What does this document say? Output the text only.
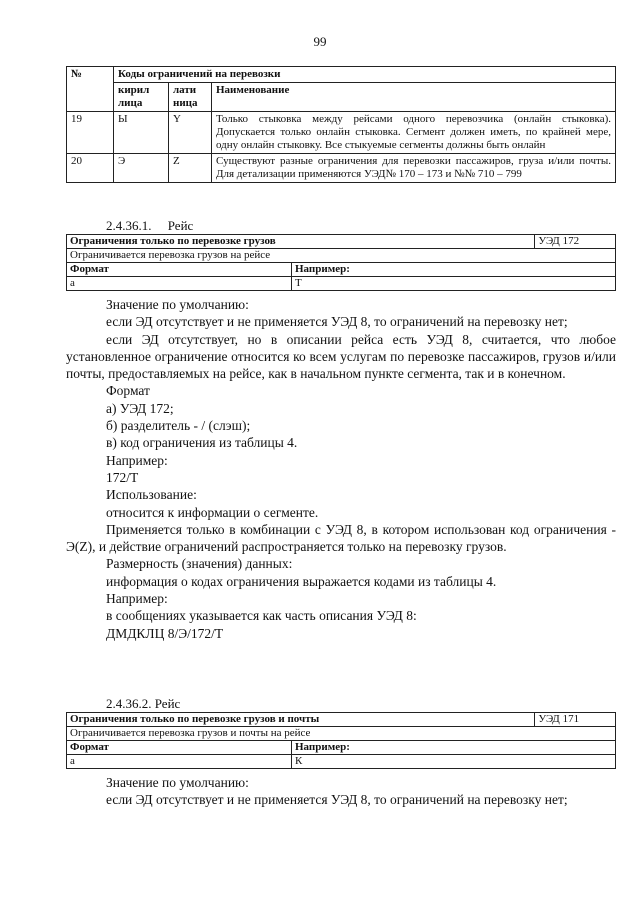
99
№	Коды ограничений на перевозки		
	кирил лица	лати ница	Наименование
19	Ы	Y	Только стыковка между рейсами одного перевозчика (онлайн стыковка). Допускается только онлайн стыковка. Сегмент должен иметь, по крайней мере, одну онлайн стыковку. Все стыкуемые сегменты должны быть онлайн
20	Э	Z	Существуют разные ограничения для перевозки пассажиров, груза и/или почты. Для детализации применяются УЭД№ 170 – 173 и №№ 710 – 799
2.4.36.1.     Рейс
Ограничения только по перевозке грузов		УЭД 172
Ограничивается перевозка грузов на рейсе		
Формат	Например:	
a	T	

Значение по умолчанию:

если ЭД отсутствует и не применяется УЭД 8, то ограничений на перевозку нет;

если ЭД отсутствует, но в описании рейса есть УЭД 8, считается, что любое установленное ограничение относится ко всем услугам по перевозке пассажиров, грузов и/или почты, предоставляемых на рейсе, как в начальном пункте сегмента, так и в конечном.

Формат

а) УЭД 172;

б) разделитель - / (слэш);

в) код ограничения из таблицы 4.

Например:

172/T

Использование:

относится к информации о сегменте.

Применяется только в комбинации с УЭД 8, в котором использован код ограничения - Э(Z), и действие ограничений распространяется только на перевозку грузов.

Размерность (значения) данных:

информация о кодах ограничения выражается кодами из таблицы 4.

Например:

в сообщениях указывается как часть описания УЭД 8:

ДМДКЛЦ 8/Э/172/Т

2.4.36.2. Рейс
Ограничения только по перевозке грузов и почты		УЭД 171
Ограничивается перевозка грузов и почты на рейсе		
Формат	Например:	
a	К	

Значение по умолчанию:

если ЭД отсутствует и не применяется УЭД 8, то ограничений на перевозку нет;
